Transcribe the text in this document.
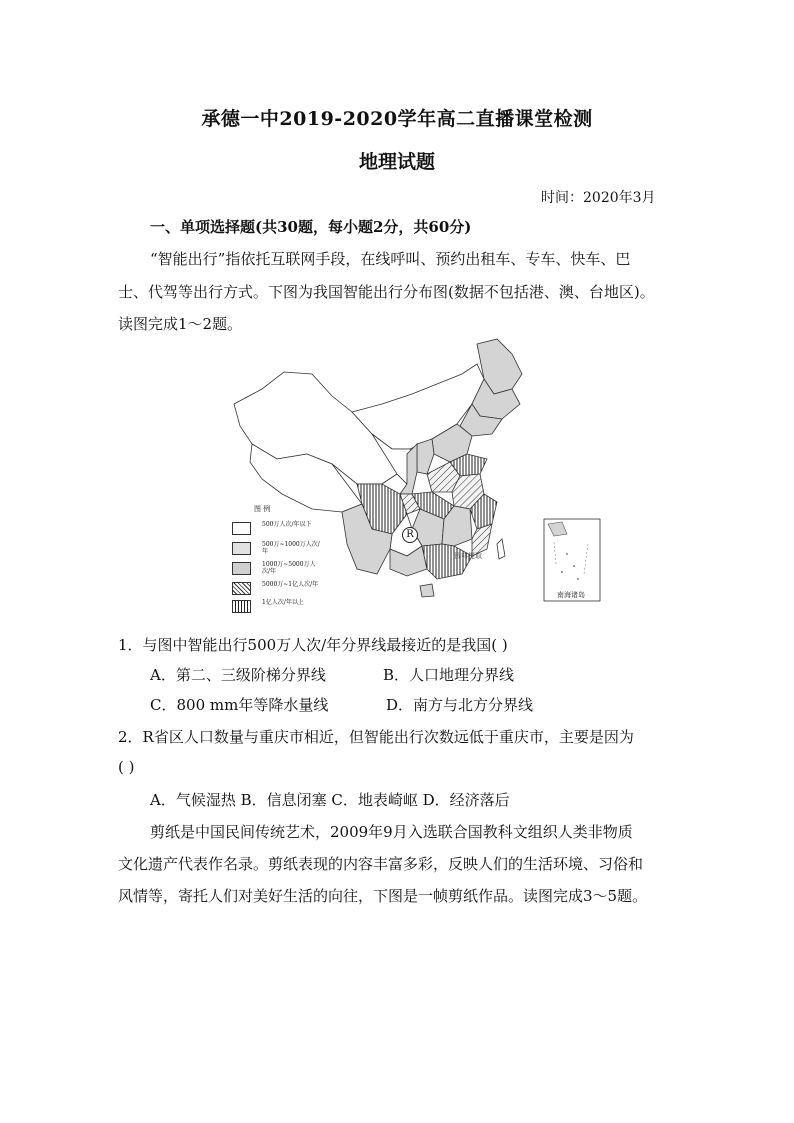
承德一中2019-2020学年高二直播课堂检测
地理试题
时间：2020年3月
一、单项选择题(共30题，每小题2分，共60分)
“智能出行”指依托互联网手段，在线呼叫、预约出租车、专车、快车、巴
士、代驾等出行方式。下图为我国智能出行分布图(数据不包括港、澳、台地区)。
读图完成1～2题。
R
资料提取
南海诸岛
图 例
500万人次/年以下
500万~1000万人次/年
1000万~5000万人次/年
5000万~1亿人次/年
1亿人次/年以上
1．与图中智能出行500万人次/年分界线最接近的是我国( )
A．第二、三级阶梯分界线	B．人口地理分界线
C．800 mm年等降水量线	D．南方与北方分界线
2．R省区人口数量与重庆市相近，但智能出行次数远低于重庆市，主要是因为
( )
A．气候湿热 B．信息闭塞 C．地表崎岖 D．经济落后
剪纸是中国民间传统艺术，2009年9月入选联合国教科文组织人类非物质
文化遗产代表作名录。剪纸表现的内容丰富多彩，反映人们的生活环境、习俗和
风情等，寄托人们对美好生活的向往，下图是一帧剪纸作品。读图完成3～5题。
